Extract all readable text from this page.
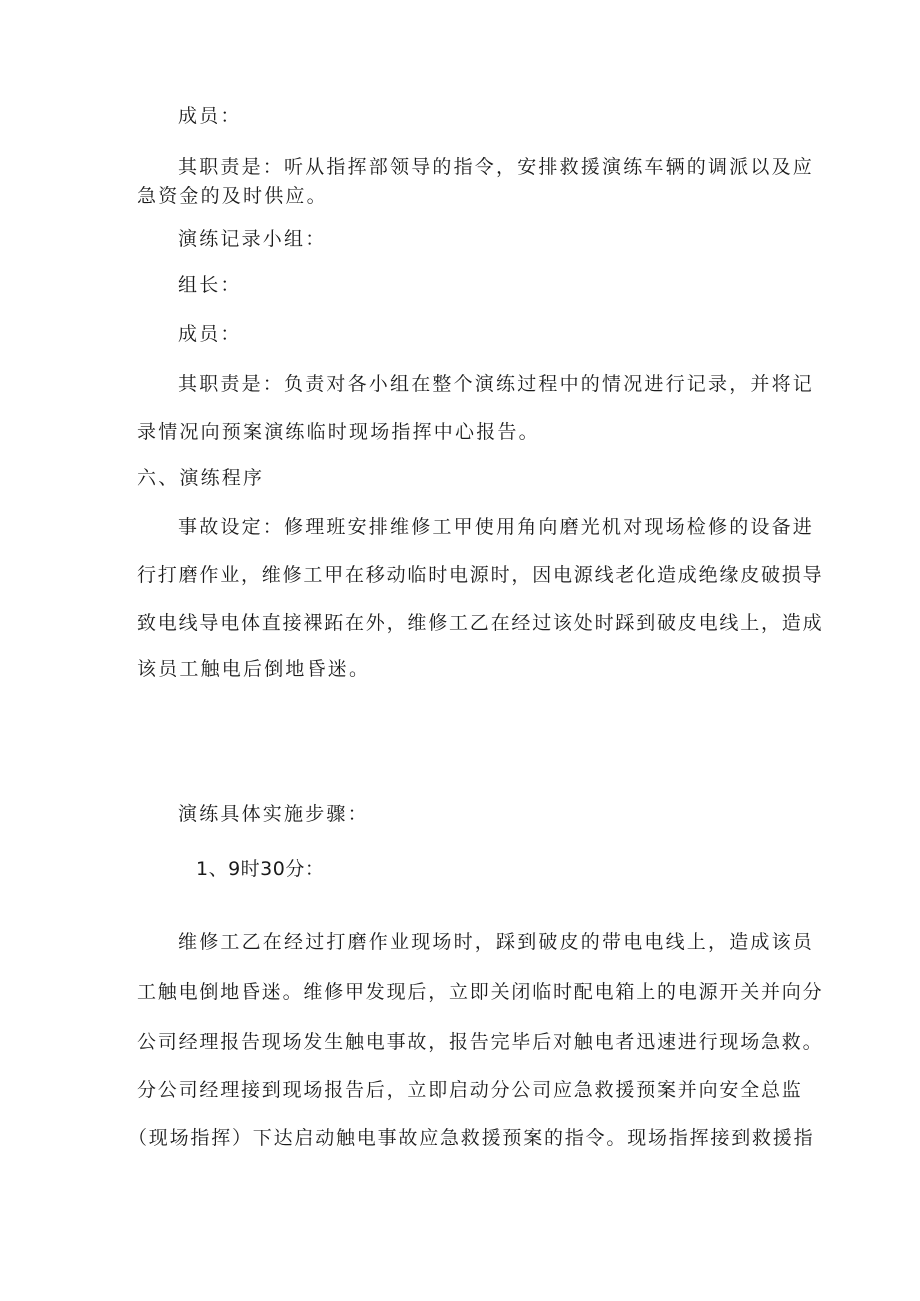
成员：
其职责是：听从指挥部领导的指令，安排救援演练车辆的调派以及应
急资金的及时供应。
演练记录小组：
组长：
成员：
其职责是：负责对各小组在整个演练过程中的情况进行记录，并将记
录情况向预案演练临时现场指挥中心报告。
六、演练程序
事故设定：修理班安排维修工甲使用角向磨光机对现场检修的设备进
行打磨作业，维修工甲在移动临时电源时，因电源线老化造成绝缘皮破损导
致电线导电体直接裸跖在外，维修工乙在经过该处时踩到破皮电线上，造成
该员工触电后倒地昏迷。
演练具体实施步骤：
1、9时30分：
维修工乙在经过打磨作业现场时，踩到破皮的带电电线上，造成该员
工触电倒地昏迷。维修甲发现后，立即关闭临时配电箱上的电源开关并向分
公司经理报告现场发生触电事故，报告完毕后对触电者迅速进行现场急救。
分公司经理接到现场报告后，立即启动分公司应急救援预案并向安全总监
（现场指挥）下达启动触电事故应急救援预案的指令。现场指挥接到救援指
